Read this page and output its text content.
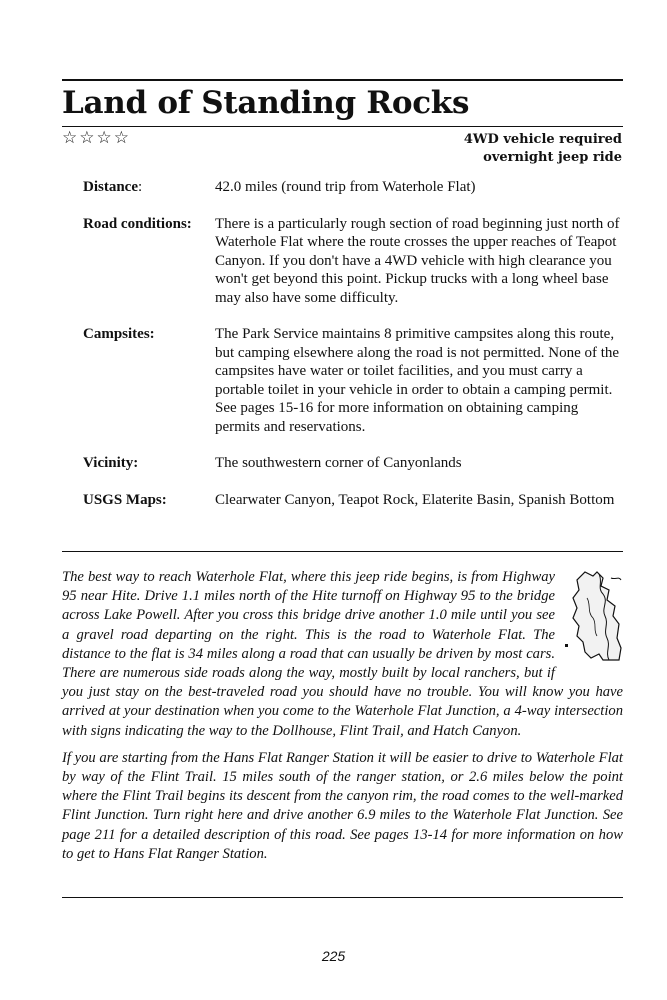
Land of Standing Rocks
☆☆☆☆	4WD vehicle required
overnight jeep ride
Distance:	42.0 miles (round trip from Waterhole Flat)
Road conditions:	There is a particularly rough section of road beginning just north of Waterhole Flat where the route crosses the upper reaches of Teapot Canyon. If you don't have a 4WD vehicle with high clearance you won't get beyond this point. Pickup trucks with a long wheel base may also have some difficulty.
Campsites:	The Park Service maintains 8 primitive campsites along this route, but camping elsewhere along the road is not permitted. None of the campsites have water or toilet facilities, and you must carry a portable toilet in your vehicle in order to obtain a camping permit. See pages 15-16 for more information on obtaining camping permits and reservations.
Vicinity:	The southwestern corner of Canyonlands
USGS Maps:	Clearwater Canyon, Teapot Rock, Elaterite Basin, Spanish Bottom

The best way to reach Waterhole Flat, where this jeep ride begins, is from Highway 95 near Hite. Drive 1.1 miles north of the Hite turnoff on Highway 95 to the bridge across Lake Powell. After you cross this bridge drive another 1.0 mile until you see a gravel road departing on the right. This is the road to Waterhole Flat. The distance to the flat is 34 miles along a road that can usually be driven by most cars. There are numerous side roads along the way, mostly built by local ranchers, but if you just stay on the best-traveled road you should have no trouble. You will know you have arrived at your destination when you come to the Waterhole Flat Junction, a 4-way intersection with signs indicating the way to the Dollhouse, Flint Trail, and Hatch Canyon.

If you are starting from the Hans Flat Ranger Station it will be easier to drive to Waterhole Flat by way of the Flint Trail. 15 miles south of the ranger station, or 2.6 miles below the point where the Flint Trail begins its descent from the canyon rim, the road comes to the well-marked Flint Junction. Turn right here and drive another 6.9 miles to the Waterhole Flat Junction. See page 211 for a detailed description of this road. See pages 13-14 for more information on how to get to Hans Flat Ranger Station.

225
